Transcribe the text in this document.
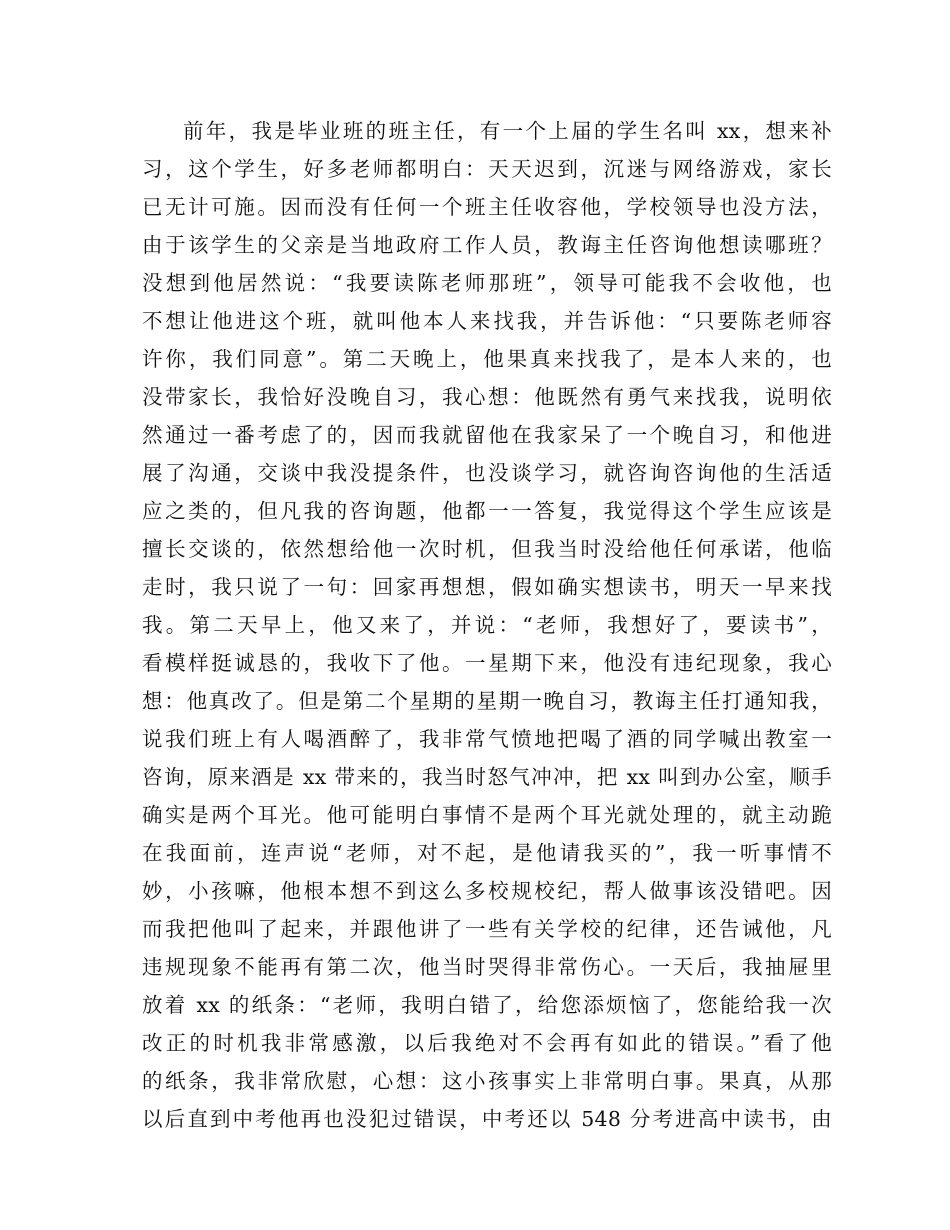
前年，我是毕业班的班主任，有一个上届的学生名叫 xx，想来补
习，这个学生，好多老师都明白：天天迟到，沉迷与网络游戏，家长
已无计可施。因而没有任何一个班主任收容他，学校领导也没方法，
由于该学生的父亲是当地政府工作人员，教诲主任咨询他想读哪班？
没想到他居然说：“我要读陈老师那班”，领导可能我不会收他，也
不想让他进这个班，就叫他本人来找我，并告诉他：“只要陈老师容
许你，我们同意”。第二天晚上，他果真来找我了，是本人来的，也
没带家长，我恰好没晚自习，我心想：他既然有勇气来找我，说明依
然通过一番考虑了的，因而我就留他在我家呆了一个晚自习，和他进
展了沟通，交谈中我没提条件，也没谈学习，就咨询咨询他的生活适
应之类的，但凡我的咨询题，他都一一答复，我觉得这个学生应该是
擅长交谈的，依然想给他一次时机，但我当时没给他任何承诺，他临
走时，我只说了一句：回家再想想，假如确实想读书，明天一早来找
我。第二天早上，他又来了，并说：“老师，我想好了，要读书”，
看模样挺诚恳的，我收下了他。一星期下来，他没有违纪现象，我心
想：他真改了。但是第二个星期的星期一晚自习，教诲主任打通知我，
说我们班上有人喝酒醉了，我非常气愤地把喝了酒的同学喊出教室一
咨询，原来酒是 xx 带来的，我当时怒气冲冲，把 xx 叫到办公室，顺手
确实是两个耳光。他可能明白事情不是两个耳光就处理的，就主动跪
在我面前，连声说“老师，对不起，是他请我买的”，我一听事情不
妙，小孩嘛，他根本想不到这么多校规校纪，帮人做事该没错吧。因
而我把他叫了起来，并跟他讲了一些有关学校的纪律，还告诫他，凡
违规现象不能再有第二次，他当时哭得非常伤心。一天后，我抽屉里
放着 xx 的纸条：“老师，我明白错了，给您添烦恼了，您能给我一次
改正的时机我非常感激，以后我绝对不会再有如此的错误。”看了他
的纸条，我非常欣慰，心想：这小孩事实上非常明白事。果真，从那
以后直到中考他再也没犯过错误，中考还以 548 分考进高中读书，由
